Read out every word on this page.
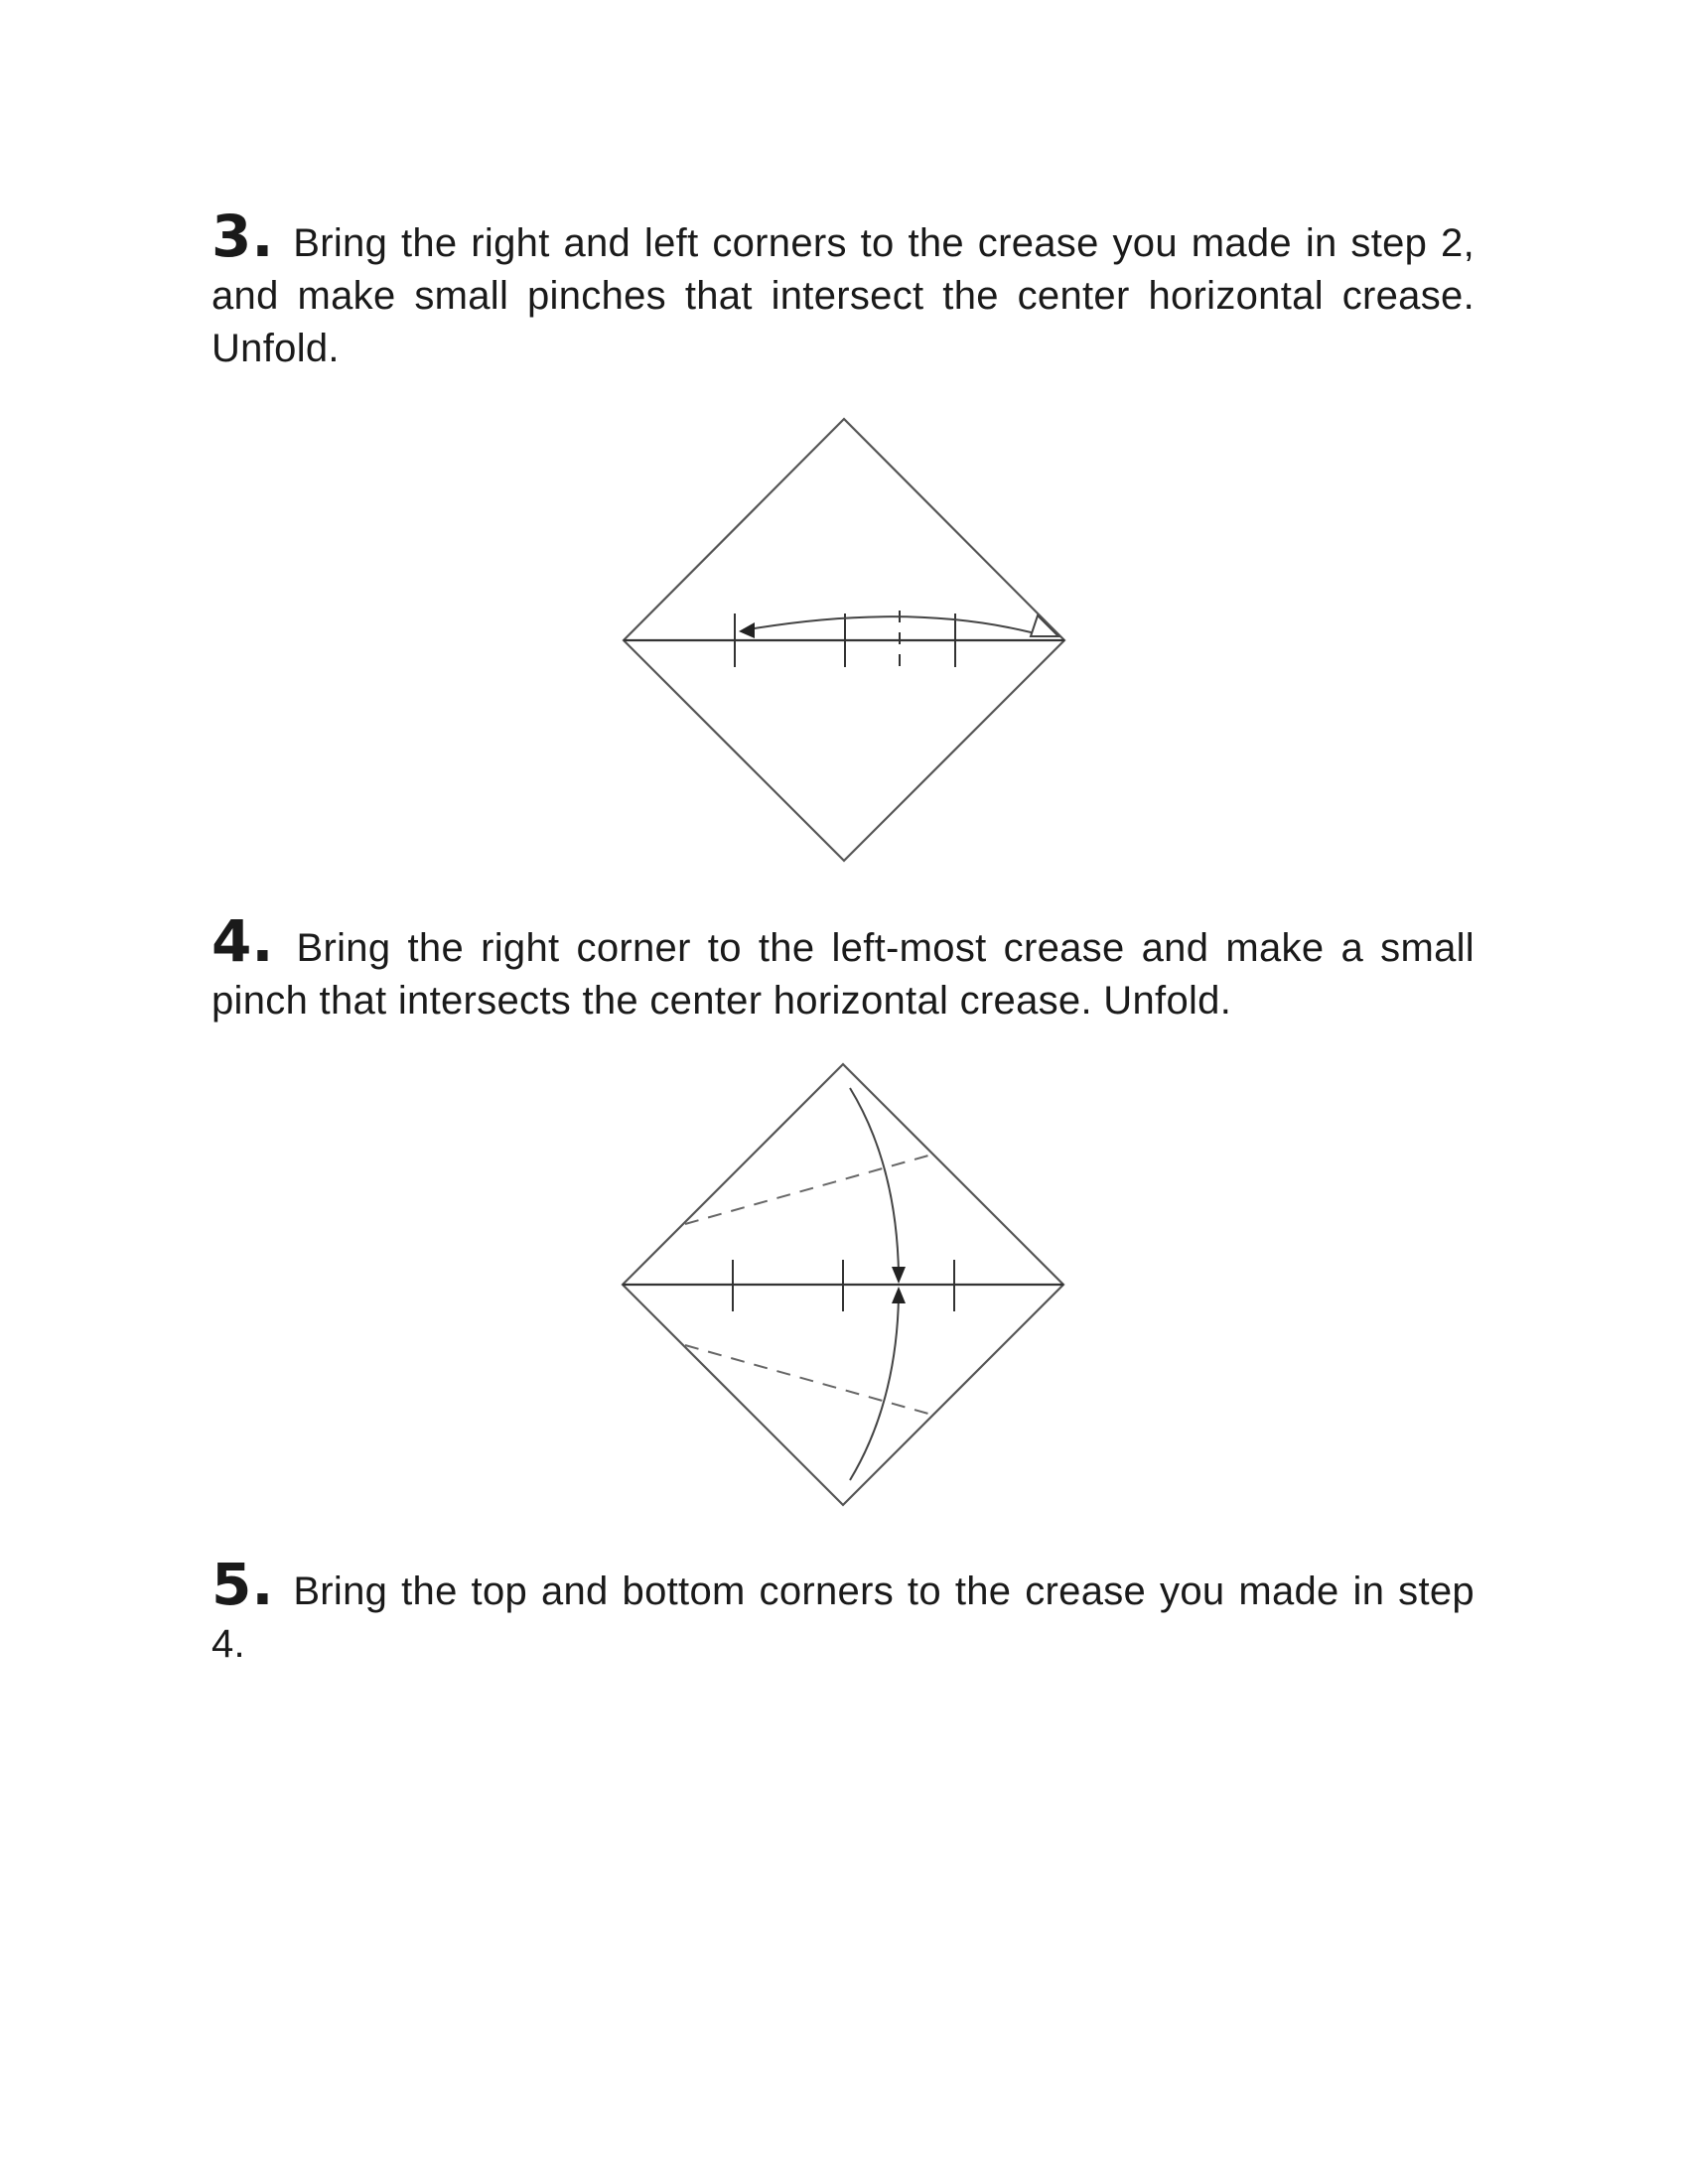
3. Bring the right and left corners to the crease you made in step 2, and make small pinches that intersect the center horizontal crease. Unfold.

4. Bring the right corner to the left-most crease and make a small pinch that intersects the center horizontal crease. Unfold.

5. Bring the top and bottom corners to the crease you made in step 4.
